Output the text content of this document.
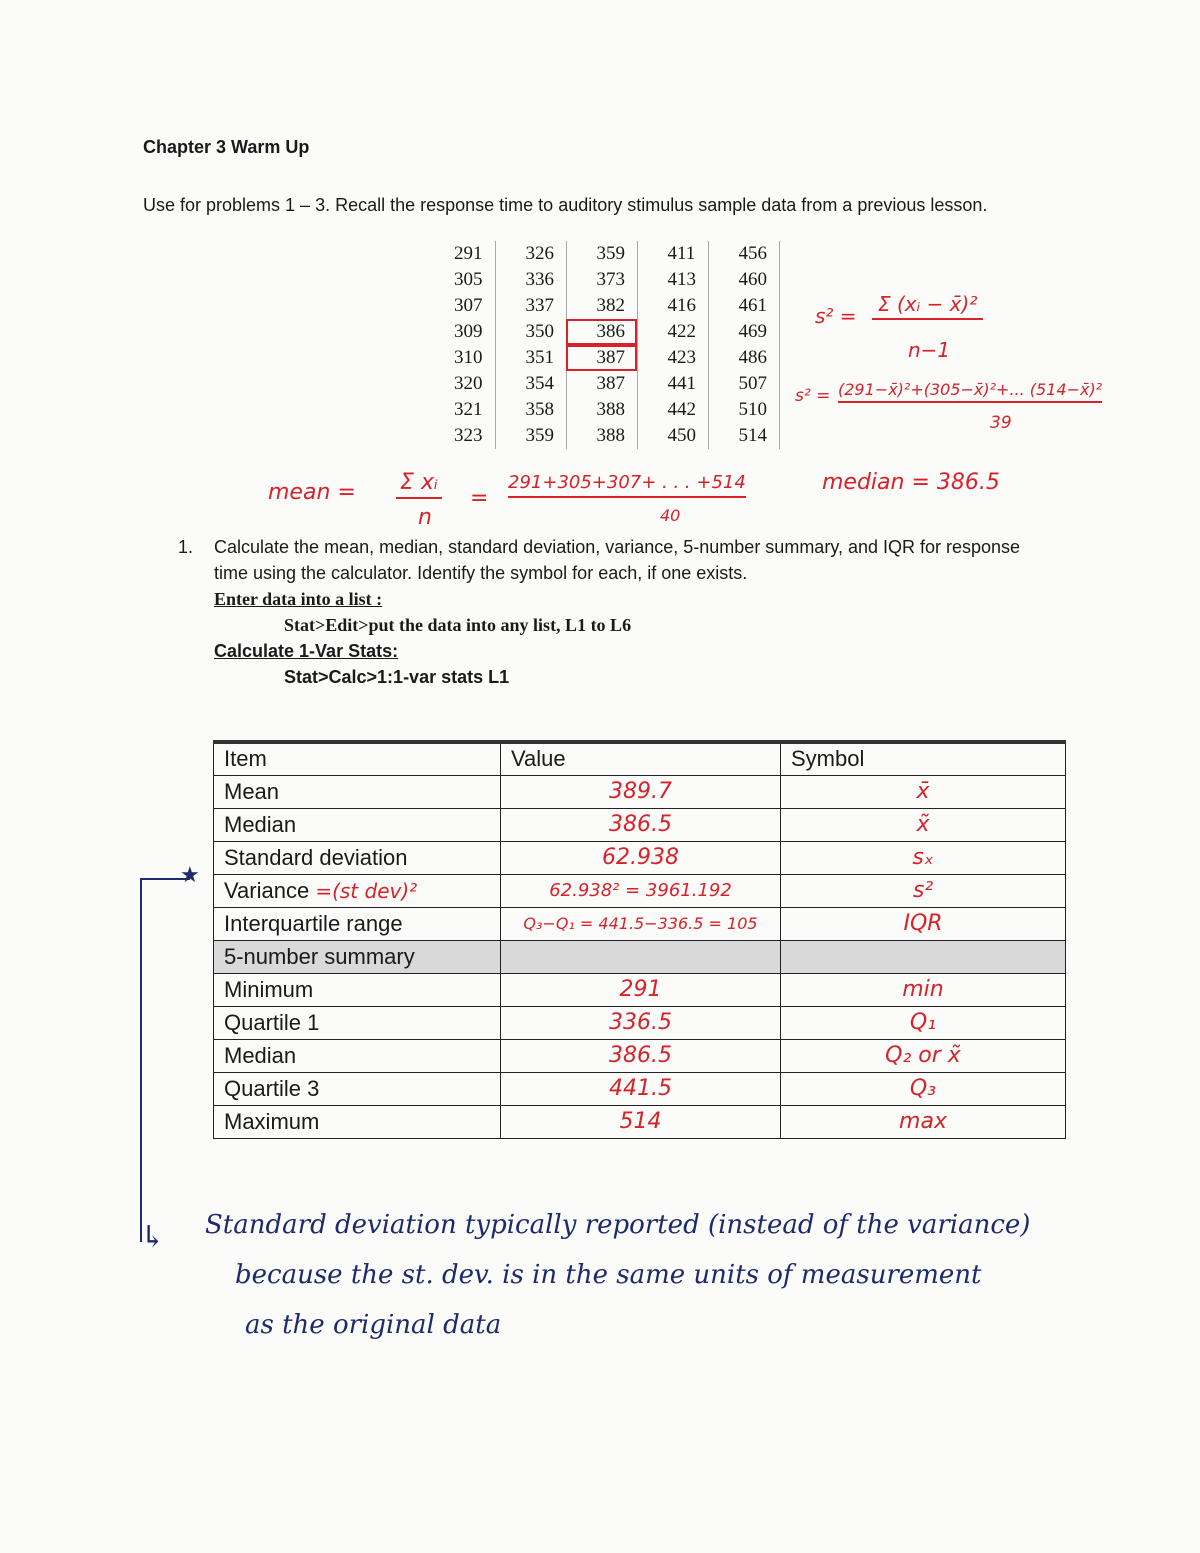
Chapter 3 Warm Up
Use for problems 1 – 3. Recall the response time to auditory stimulus sample data from a previous lesson.
291	326	359	411	456
305	336	373	413	460
307	337	382	416	461
309	350	386	422	469
310	351	387	423	486
320	354	387	441	507
321	358	388	442	510
323	359	388	450	514
s² =	Σ (xᵢ − x̄)²
n−1
s² = (291−x̄)²+(305−x̄)²+... (514−x̄)²
39
mean = Σ xᵢ
n
=
291+305+307+ . . . +514
40
median = 386.5
1. Calculate the mean, median, standard deviation, variance, 5-number summary, and IQR for response time using the calculator. Identify the symbol for each, if one exists.
Enter data into a list :
Stat>Edit>put the data into any list, L1 to L6
Calculate 1-Var Stats:
Stat>Calc>1:1-var stats L1
Item	Value	Symbol
Mean	389.7	x̄
Median	386.5	x̃
Standard deviation	62.938	sₓ
Variance =(st dev)²	62.938² = 3961.192	s²
Interquartile range	Q₃−Q₁ = 441.5−336.5 = 105	IQR
5-number summary		
Minimum	291	min
Quartile 1	336.5	Q₁
Median	386.5	Q₂ or x̃
Quartile 3	441.5	Q₃
Maximum	514	max
★
↳ Standard deviation typically reported (instead of the variance)
because the st. dev. is in the same units of measurement
as the original data
